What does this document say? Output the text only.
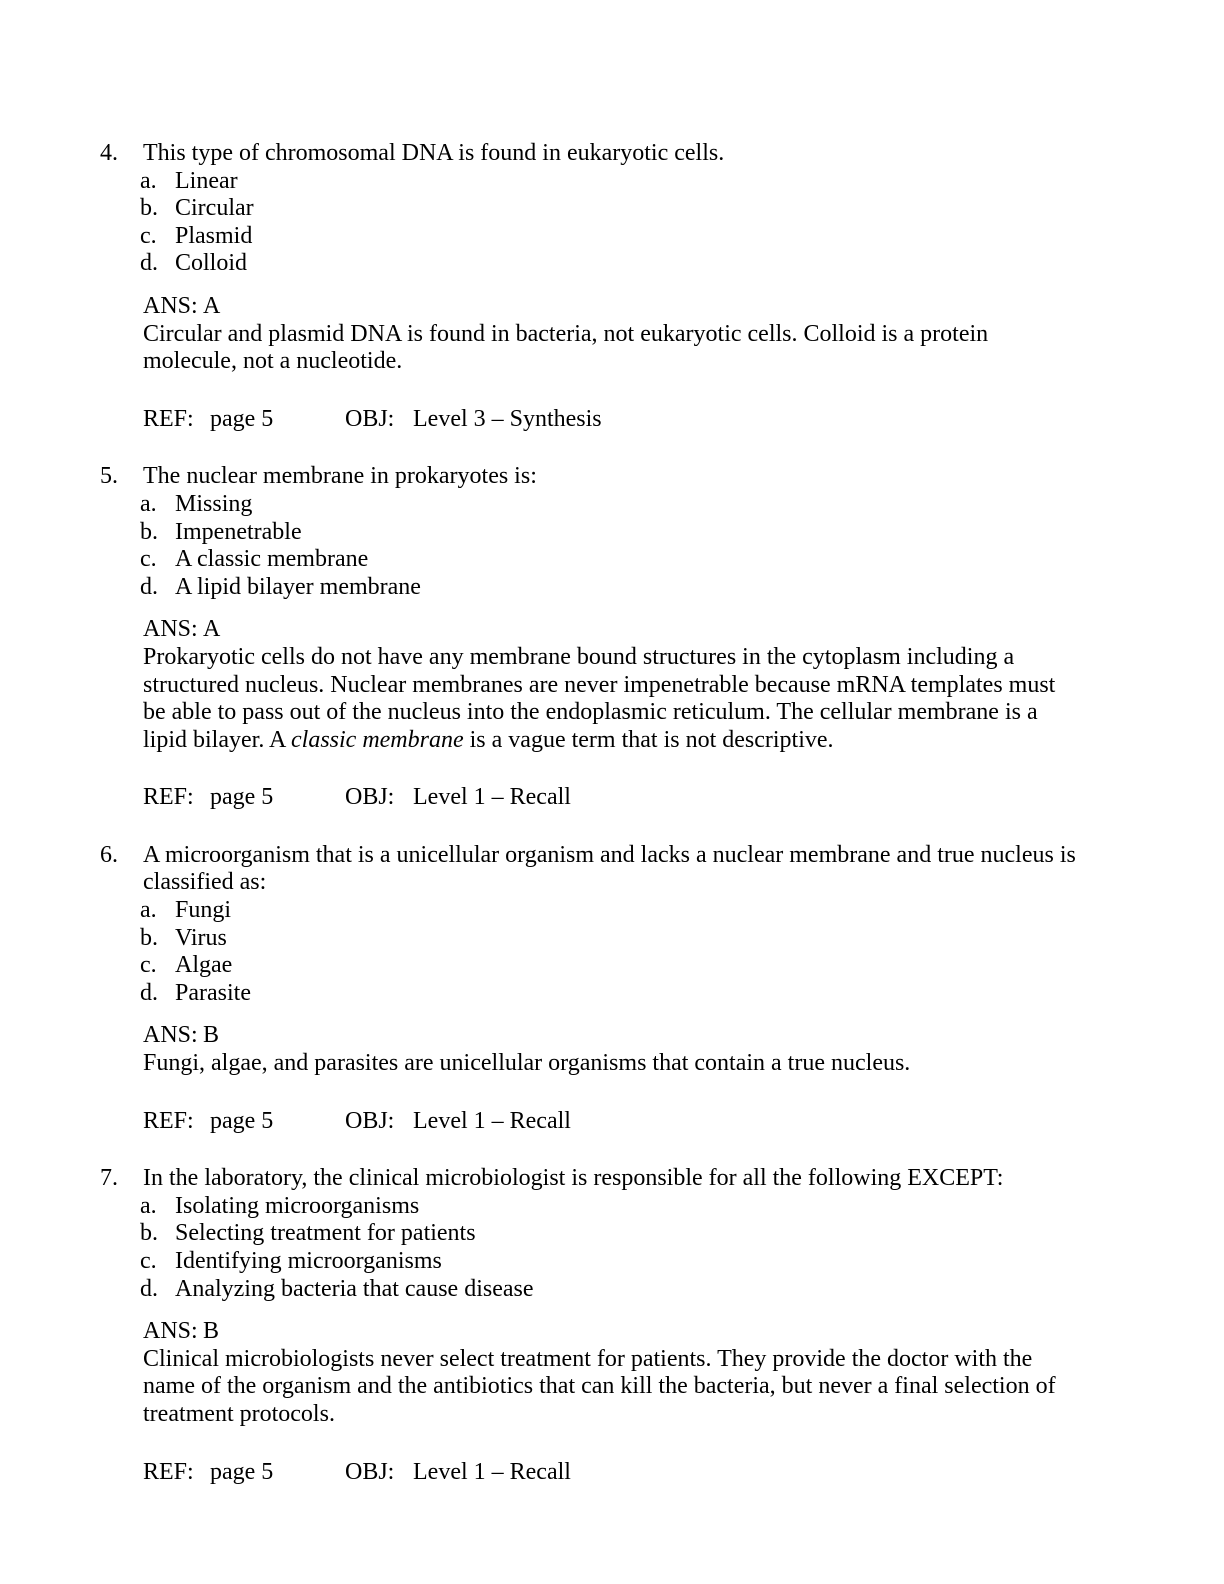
4.	This type of chromosomal DNA is found in eukaryotic cells.
a. Linear
b. Circular
c. Plasmid
d. Colloid
ANS: A
Circular and plasmid DNA is found in bacteria, not eukaryotic cells. Colloid is a protein molecule, not a nucleotide.
REF: page 5	OBJ: Level 3 – Synthesis
5.	The nuclear membrane in prokaryotes is:
a. Missing
b. Impenetrable
c. A classic membrane
d. A lipid bilayer membrane
ANS: A
Prokaryotic cells do not have any membrane bound structures in the cytoplasm including a structured nucleus. Nuclear membranes are never impenetrable because mRNA templates must be able to pass out of the nucleus into the endoplasmic reticulum. The cellular membrane is a lipid bilayer. A classic membrane is a vague term that is not descriptive.
REF: page 5	OBJ: Level 1 – Recall
6.	A microorganism that is a unicellular organism and lacks a nuclear membrane and true nucleus is classified as:
a. Fungi
b. Virus
c. Algae
d. Parasite
ANS: B
Fungi, algae, and parasites are unicellular organisms that contain a true nucleus.
REF: page 5	OBJ: Level 1 – Recall
7.	In the laboratory, the clinical microbiologist is responsible for all the following EXCEPT:
a. Isolating microorganisms
b. Selecting treatment for patients
c. Identifying microorganisms
d. Analyzing bacteria that cause disease
ANS: B
Clinical microbiologists never select treatment for patients. They provide the doctor with the name of the organism and the antibiotics that can kill the bacteria, but never a final selection of treatment protocols.
REF: page 5	OBJ: Level 1 – Recall
